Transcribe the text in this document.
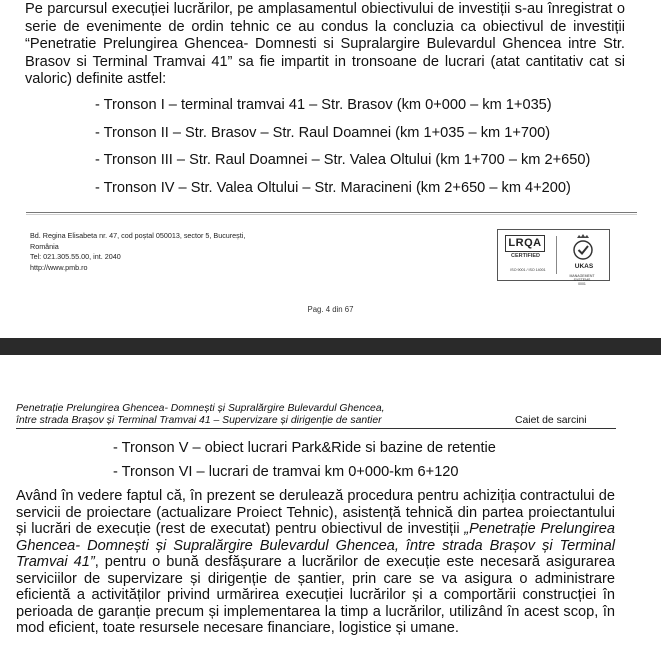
Pe parcursul execuției lucrărilor, pe amplasamentul obiectivului de investiții s-au înregistrat o serie de evenimente de ordin tehnic ce au condus la concluzia ca obiectivul de investiții “Penetratie Prelungirea Ghencea- Domnesti si Supralargire Bulevardul Ghencea intre Str. Brasov si Terminal Tramvai 41” sa fie impartit in tronsoane de lucrari (atat cantitativ cat si valoric) definite astfel:

- Tronson I – terminal tramvai 41 – Str. Brasov (km 0+000 – km 1+035)
- Tronson II – Str. Brasov – Str. Raul Doamnei (km 1+035 – km 1+700)
- Tronson III – Str. Raul Doamnei – Str. Valea Oltului (km 1+700 – km 2+650)
- Tronson IV – Str. Valea Oltului – Str. Maracineni (km 2+650 – km 4+200)
Bd. Regina Elisabeta nr. 47, cod poștal 050013, sector 5, București,
România
Tel: 021.305.55.00, int. 2040
http://www.pmb.ro
LRQA
CERTIFIED
ISO 9001 / ISO 14001	UKAS
MANAGEMENT SYSTEMS
0001
Pag. 4 din 67
Penetrație Prelungirea Ghencea- Domnești și Supralărgire Bulevardul Ghencea,
între strada Brașov și Terminal Tramvai 41 – Supervizare și dirigenție de santier	Caiet de sarcini
- Tronson V – obiect lucrari Park&Ride si bazine de retentie
- Tronson VI – lucrari de tramvai km 0+000-km 6+120

Având în vedere faptul că, în prezent se derulează procedura pentru achiziția contractului de servicii de proiectare (actualizare Proiect Tehnic), asistență tehnică din partea proiectantului și lucrări de execuție (rest de executat) pentru obiectivul de investiții „Penetrație Prelungirea Ghencea- Domnești și Supralărgire Bulevardul Ghencea, între strada Brașov și Terminal Tramvai 41”, pentru o bună desfășurare a lucrărilor de execuție este necesară asigurarea serviciilor de supervizare și dirigenție de șantier, prin care se va asigura o administrare eficientă a activităților privind urmărirea execuției lucrărilor și a comportării construcției în perioada de garanție precum și implementarea la timp a lucrărilor, utilizând în acest scop, în mod eficient, toate resursele necesare financiare, logistice și umane.
